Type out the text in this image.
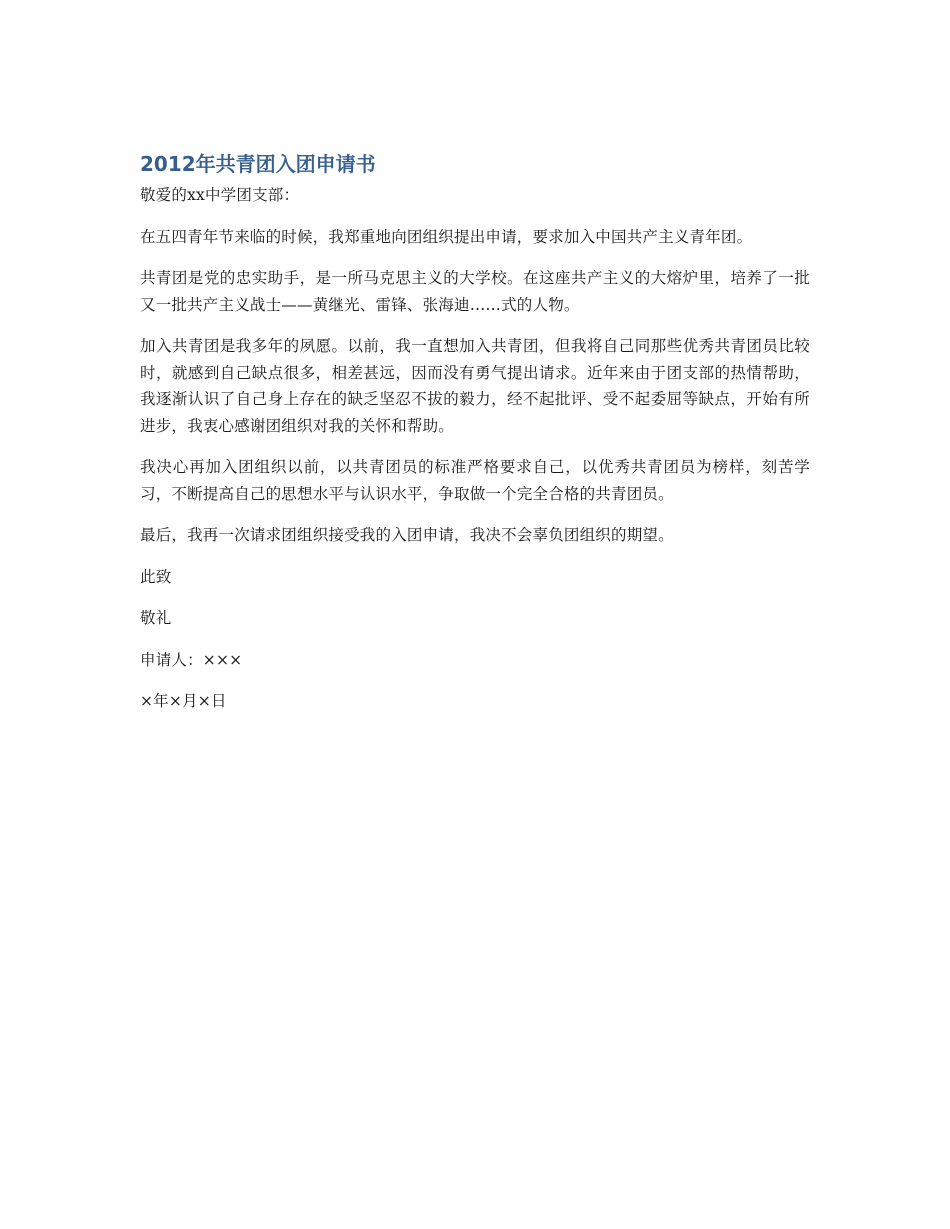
2012年共青团入团申请书

敬爱的xx中学团支部：

在五四青年节来临的时候，我郑重地向团组织提出申请，要求加入中国共产主义青年团。

共青团是党的忠实助手，是一所马克思主义的大学校。在这座共产主义的大熔炉里，培养了一批又一批共产主义战士——黄继光、雷锋、张海迪……式的人物。

加入共青团是我多年的夙愿。以前，我一直想加入共青团，但我将自己同那些优秀共青团员比较时，就感到自己缺点很多，相差甚远，因而没有勇气提出请求。近年来由于团支部的热情帮助，我逐渐认识了自己身上存在的缺乏坚忍不拔的毅力，经不起批评、受不起委屈等缺点，开始有所进步，我衷心感谢团组织对我的关怀和帮助。

我决心再加入团组织以前，以共青团员的标准严格要求自己，以优秀共青团员为榜样，刻苦学习，不断提高自己的思想水平与认识水平，争取做一个完全合格的共青团员。

最后，我再一次请求团组织接受我的入团申请，我决不会辜负团组织的期望。

此致

敬礼

申请人：×××

×年×月×日
